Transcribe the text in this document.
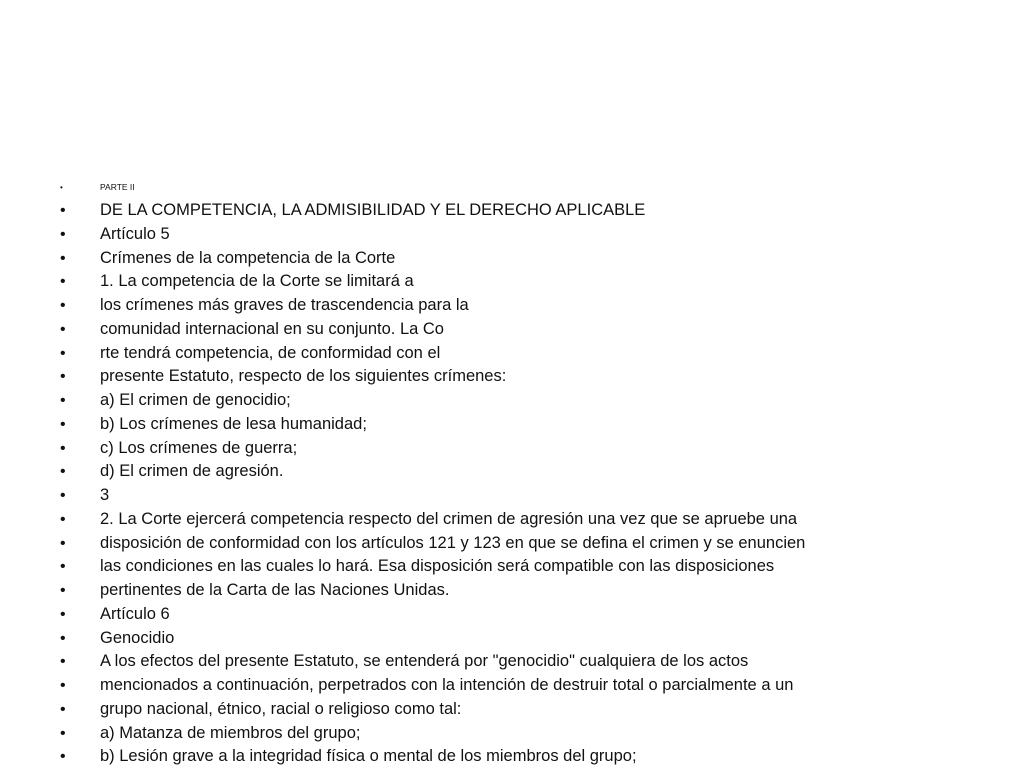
•	PARTE II
•	DE LA COMPETENCIA, LA ADMISIBILIDAD Y EL DERECHO APLICABLE
•	Artículo 5
•	Crímenes de la competencia de la Corte
•	1. La competencia de la Corte se limitará a
•	los crímenes más graves de trascendencia para la
•	comunidad internacional en su conjunto. La Co
•	rte tendrá competencia, de conformidad con el
•	presente Estatuto, respecto de los siguientes crímenes:
•	a) El crimen de genocidio;
•	b) Los crímenes de lesa humanidad;
•	c) Los crímenes de guerra;
•	d) El crimen de agresión.
•	3
•	2. La Corte ejercerá competencia respecto del crimen de agresión una vez que se apruebe una
•	disposición de conformidad con los artículos 121 y 123 en que se defina el crimen y se enuncien
•	las condiciones en las cuales lo hará. Esa disposición será compatible con las disposiciones
•	pertinentes de la Carta de las Naciones Unidas.
•	Artículo 6
•	Genocidio
•	A los efectos del presente Estatuto, se entenderá por "genocidio" cualquiera de los actos
•	mencionados a continuación, perpetrados con la intención de destruir total o parcialmente a un
•	grupo nacional, étnico, racial o religioso como tal:
•	a) Matanza de miembros del grupo;
•	b) Lesión grave a la integridad física o mental de los miembros del grupo;
